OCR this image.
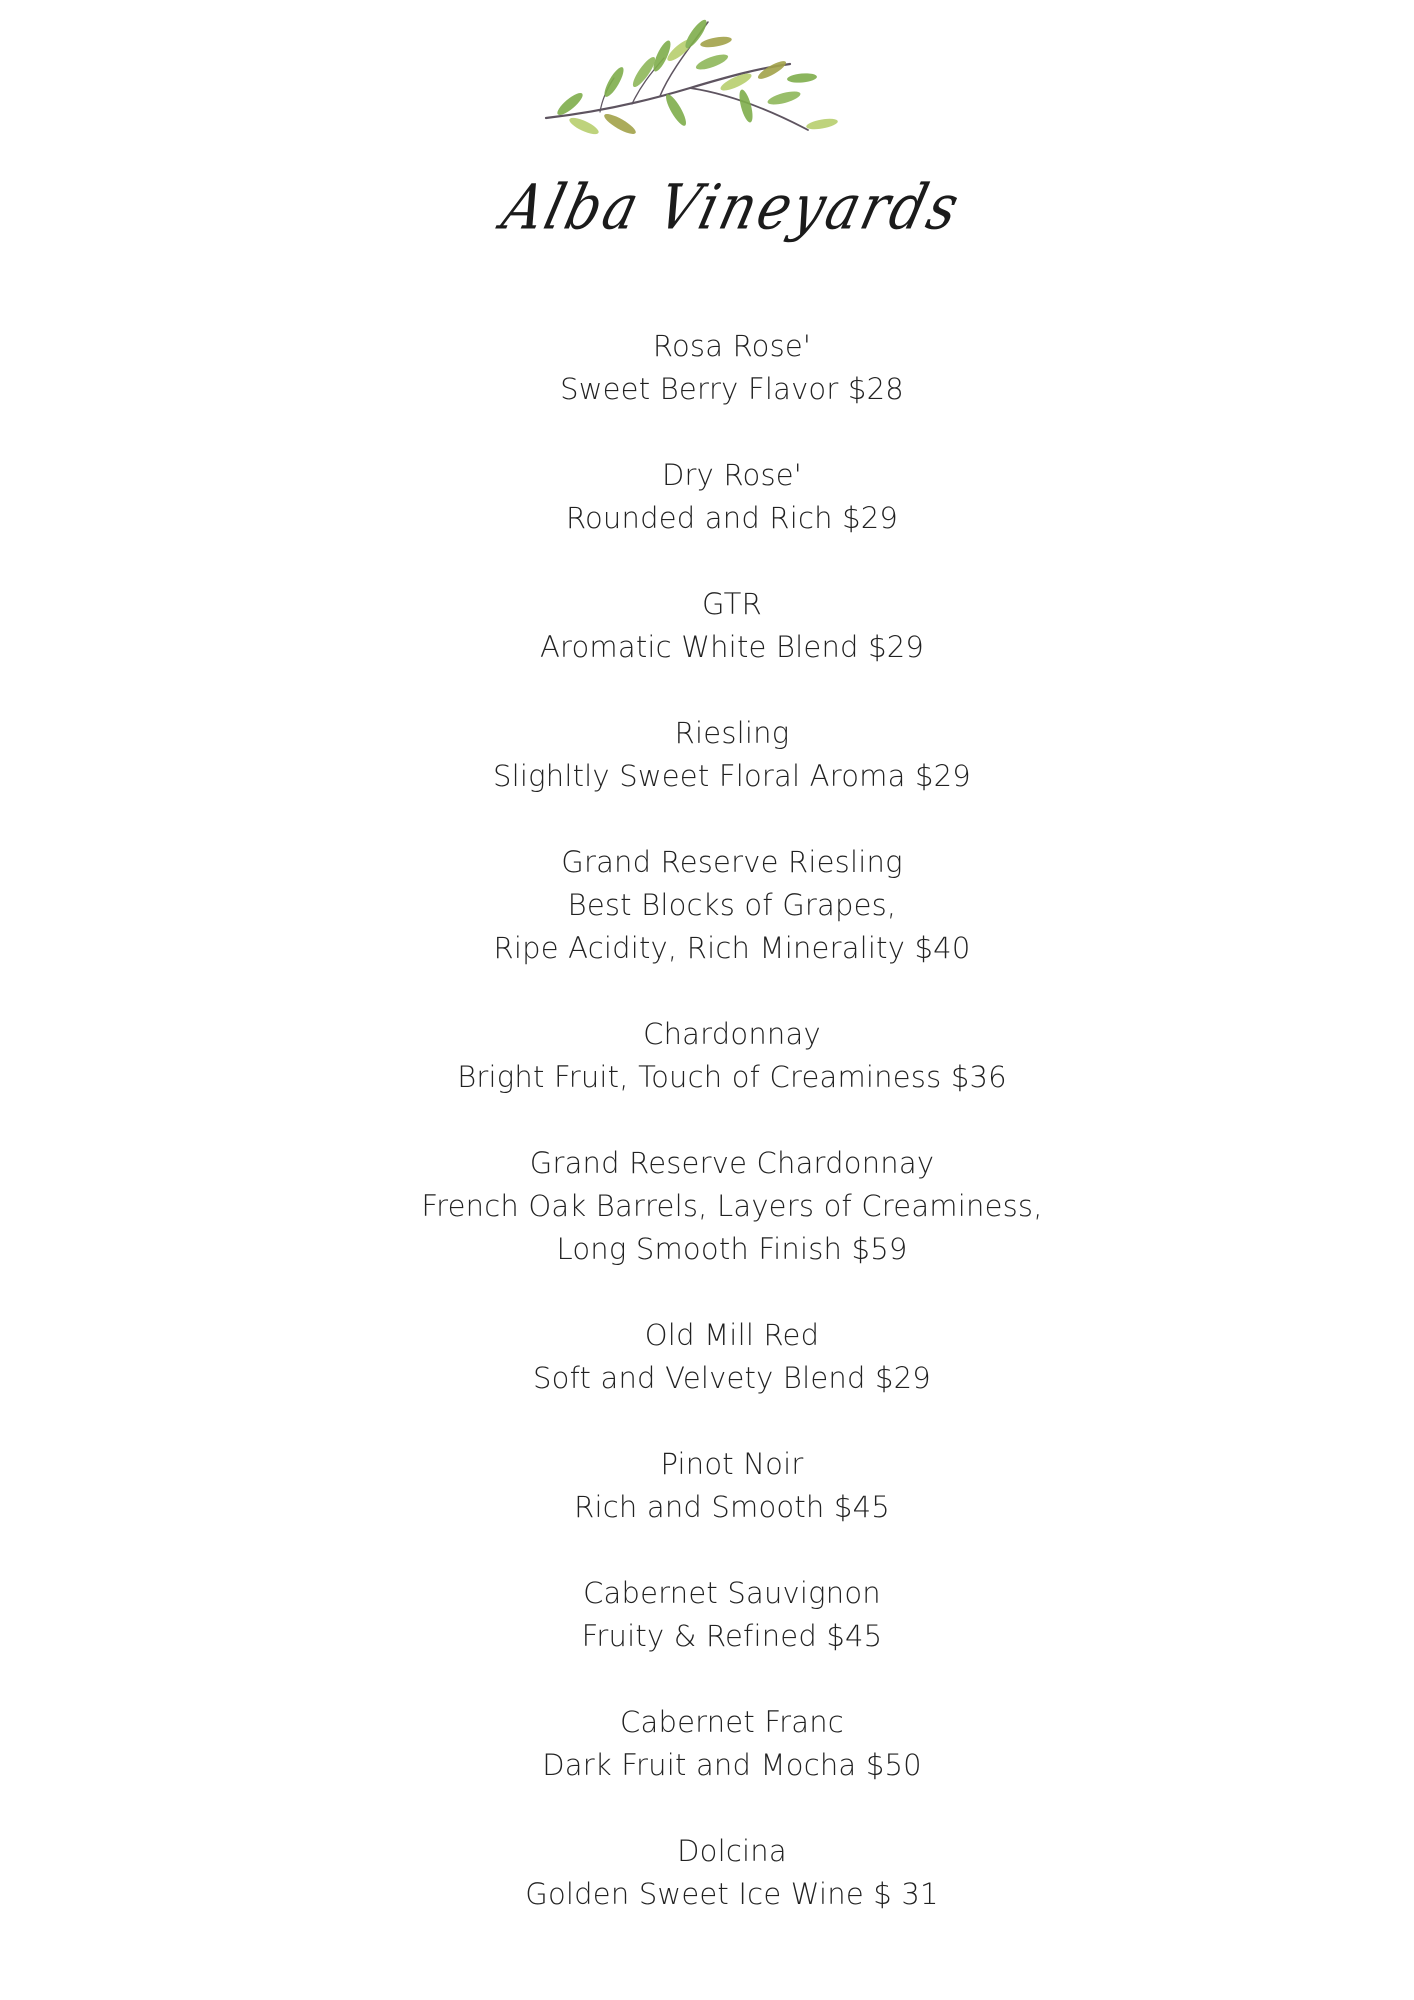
Alba Vineyards
Rosa Rose'
Sweet Berry Flavor $28
Dry Rose'
Rounded and Rich $29
GTR
Aromatic White Blend $29
Riesling
Slighltly Sweet Floral Aroma $29
Grand Reserve Riesling
Best Blocks of Grapes,
Ripe Acidity, Rich Minerality $40
Chardonnay
Bright Fruit, Touch of Creaminess $36
Grand Reserve Chardonnay
French Oak Barrels, Layers of Creaminess,
Long Smooth Finish $59
Old Mill Red
Soft and Velvety Blend $29
Pinot Noir
Rich and Smooth $45
Cabernet Sauvignon
Fruity & Refined $45
Cabernet Franc
Dark Fruit and Mocha $50
Dolcina
Golden Sweet Ice Wine $ 31
